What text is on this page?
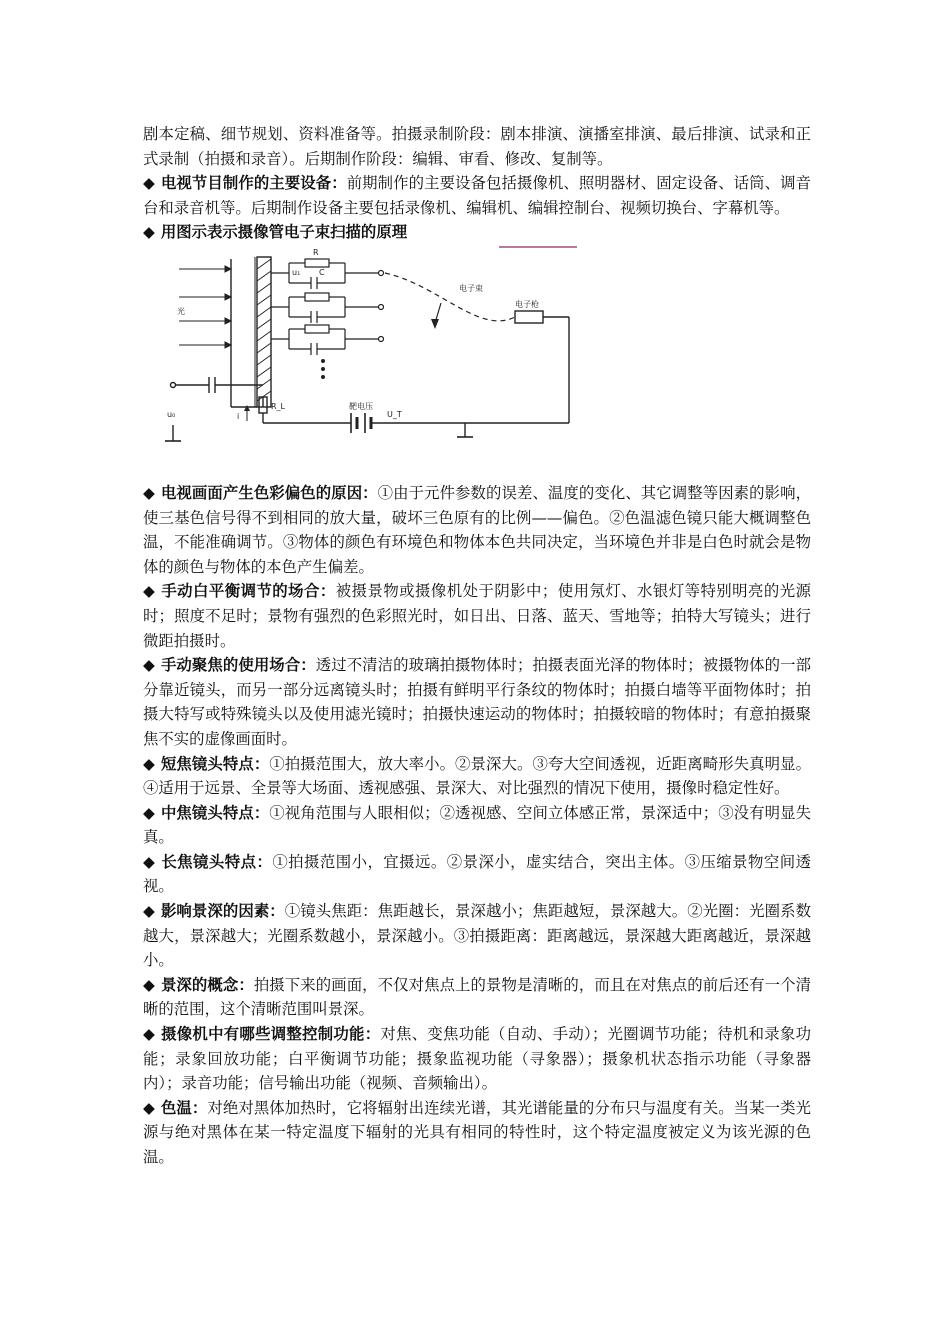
剧本定稿、细节规划、资料准备等。拍摄录制阶段：剧本排演、演播室排演、最后排演、试录和正式录制（拍摄和录音）。后期制作阶段：编辑、审看、修改、复制等。

◆ 电视节目制作的主要设备：前期制作的主要设备包括摄像机、照明器材、固定设备、话筒、调音台和录音机等。后期制作设备主要包括录像机、编辑机、编辑控制台、视频切换台、字幕机等。

◆ 用图示表示摄像管电子束扫描的原理

光
R
C
u₁
电子束
电子枪
R_L
i
靶电压
U_T
u₀

◆ 电视画面产生色彩偏色的原因：①由于元件参数的误差、温度的变化、其它调整等因素的影响，使三基色信号得不到相同的放大量，破坏三色原有的比例——偏色。②色温滤色镜只能大概调整色温，不能准确调节。③物体的颜色有环境色和物体本色共同决定，当环境色并非是白色时就会是物体的颜色与物体的本色产生偏差。

◆ 手动白平衡调节的场合：被摄景物或摄像机处于阴影中；使用氖灯、水银灯等特别明亮的光源时；照度不足时；景物有强烈的色彩照光时，如日出、日落、蓝天、雪地等；拍特大写镜头；进行微距拍摄时。

◆ 手动聚焦的使用场合：透过不清洁的玻璃拍摄物体时；拍摄表面光泽的物体时；被摄物体的一部分靠近镜头，而另一部分远离镜头时；拍摄有鲜明平行条纹的物体时；拍摄白墙等平面物体时；拍摄大特写或特殊镜头以及使用滤光镜时；拍摄快速运动的物体时；拍摄较暗的物体时；有意拍摄聚焦不实的虚像画面时。

◆ 短焦镜头特点：①拍摄范围大，放大率小。②景深大。③夸大空间透视，近距离畸形失真明显。④适用于远景、全景等大场面、透视感强、景深大、对比强烈的情况下使用，摄像时稳定性好。

◆ 中焦镜头特点：①视角范围与人眼相似；②透视感、空间立体感正常，景深适中；③没有明显失真。

◆ 长焦镜头特点：①拍摄范围小，宜摄远。②景深小，虚实结合，突出主体。③压缩景物空间透视。

◆ 影响景深的因素：①镜头焦距：焦距越长，景深越小；焦距越短，景深越大。②光圈：光圈系数越大，景深越大；光圈系数越小，景深越小。③拍摄距离：距离越远，景深越大距离越近，景深越小。

◆ 景深的概念：拍摄下来的画面，不仅对焦点上的景物是清晰的，而且在对焦点的前后还有一个清晰的范围，这个清晰范围叫景深。

◆ 摄像机中有哪些调整控制功能：对焦、变焦功能（自动、手动）；光圈调节功能；待机和录象功能；录象回放功能；白平衡调节功能；摄象监视功能（寻象器）；摄象机状态指示功能（寻象器内）；录音功能；信号输出功能（视频、音频输出）。

◆ 色温：对绝对黑体加热时，它将辐射出连续光谱，其光谱能量的分布只与温度有关。当某一类光源与绝对黑体在某一特定温度下辐射的光具有相同的特性时，这个特定温度被定义为该光源的色温。
